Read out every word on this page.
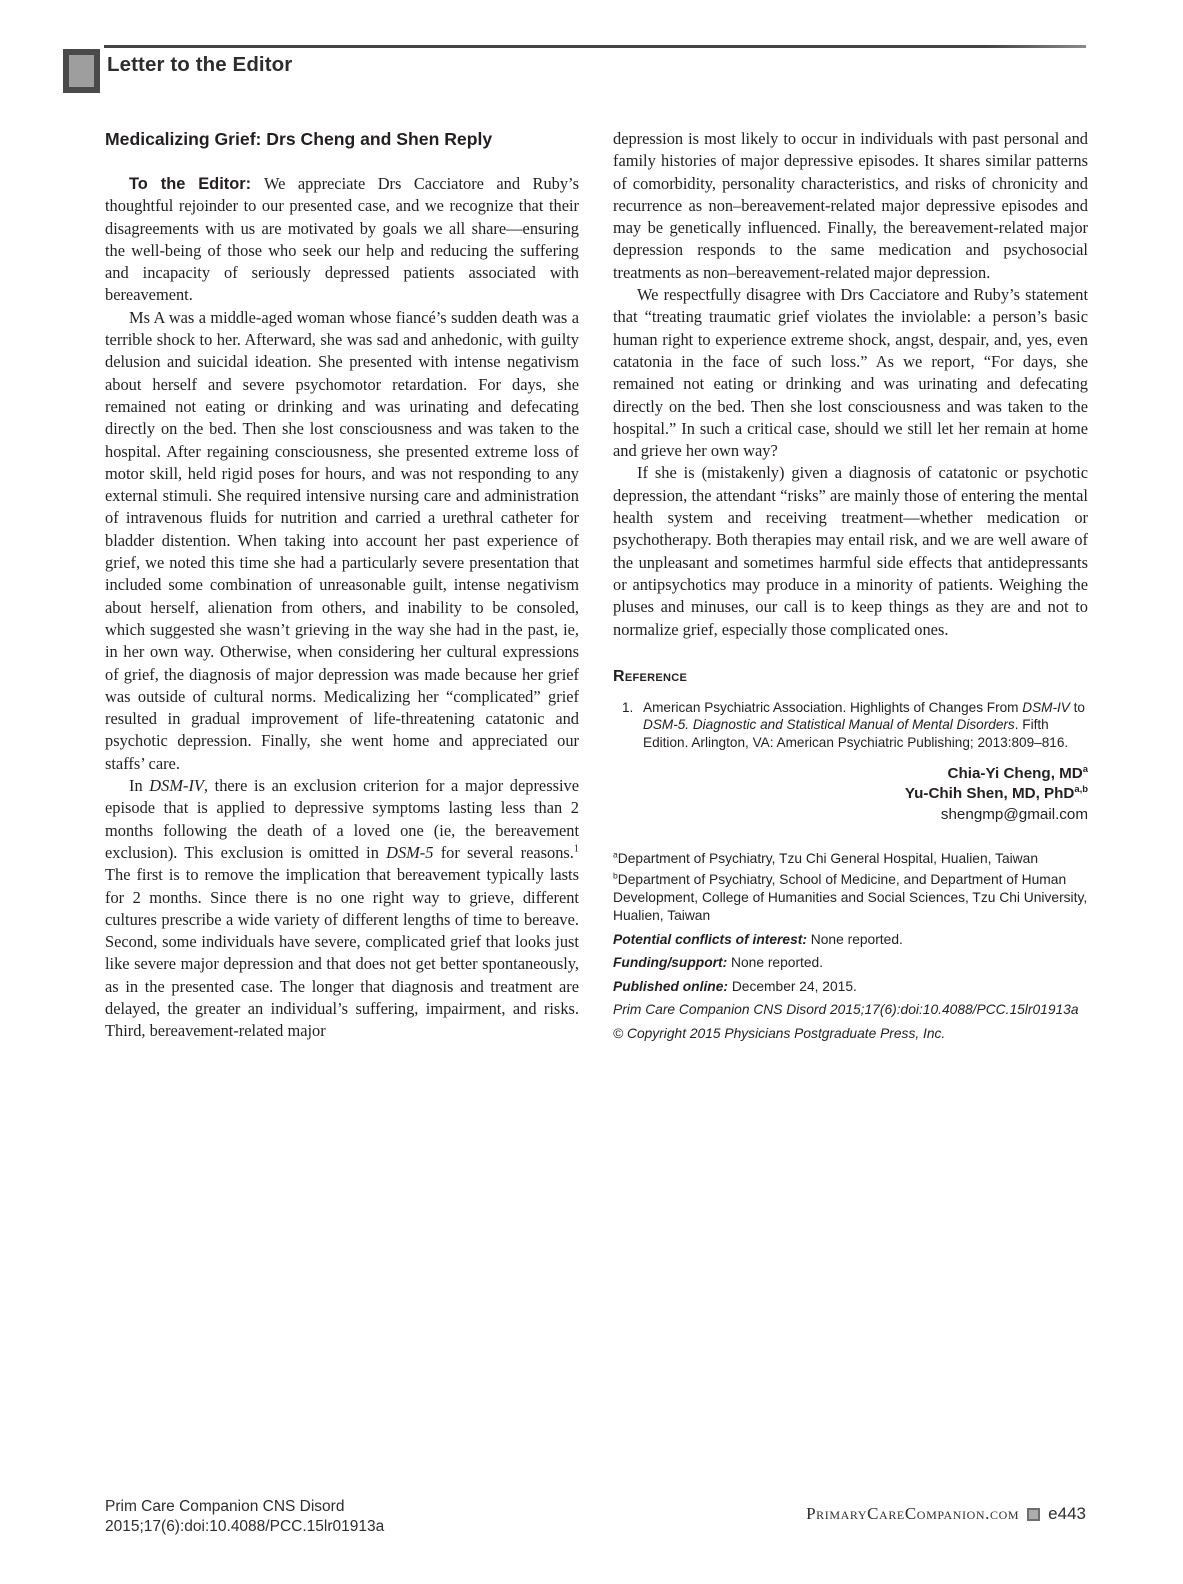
Letter to the Editor
Medicalizing Grief: Drs Cheng and Shen Reply

To the Editor: We appreciate Drs Cacciatore and Ruby’s thoughtful rejoinder to our presented case, and we recognize that their disagreements with us are motivated by goals we all share—ensuring the well-being of those who seek our help and reducing the suffering and incapacity of seriously depressed patients associated with bereavement.

Ms A was a middle-aged woman whose fiancé’s sudden death was a terrible shock to her. Afterward, she was sad and anhedonic, with guilty delusion and suicidal ideation. She presented with intense negativism about herself and severe psychomotor retardation. For days, she remained not eating or drinking and was urinating and defecating directly on the bed. Then she lost consciousness and was taken to the hospital. After regaining consciousness, she presented extreme loss of motor skill, held rigid poses for hours, and was not responding to any external stimuli. She required intensive nursing care and administration of intravenous fluids for nutrition and carried a urethral catheter for bladder distention. When taking into account her past experience of grief, we noted this time she had a particularly severe presentation that included some combination of unreasonable guilt, intense negativism about herself, alienation from others, and inability to be consoled, which suggested she wasn’t grieving in the way she had in the past, ie, in her own way. Otherwise, when considering her cultural expressions of grief, the diagnosis of major depression was made because her grief was outside of cultural norms. Medicalizing her “complicated” grief resulted in gradual improvement of life-threatening catatonic and psychotic depression. Finally, she went home and appreciated our staffs’ care.

In DSM-IV, there is an exclusion criterion for a major depressive episode that is applied to depressive symptoms lasting less than 2 months following the death of a loved one (ie, the bereavement exclusion). This exclusion is omitted in DSM-5 for several reasons.$^1$ The first is to remove the implication that bereavement typically lasts for 2 months. Since there is no one right way to grieve, different cultures prescribe a wide variety of different lengths of time to bereave. Second, some individuals have severe, complicated grief that looks just like severe major depression and that does not get better spontaneously, as in the presented case. The longer that diagnosis and treatment are delayed, the greater an individual’s suffering, impairment, and risks. Third, bereavement-related major

depression is most likely to occur in individuals with past personal and family histories of major depressive episodes. It shares similar patterns of comorbidity, personality characteristics, and risks of chronicity and recurrence as non–bereavement-related major depressive episodes and may be genetically influenced. Finally, the bereavement-related major depression responds to the same medication and psychosocial treatments as non–bereavement-related major depression.

We respectfully disagree with Drs Cacciatore and Ruby’s statement that “treating traumatic grief violates the inviolable: a person’s basic human right to experience extreme shock, angst, despair, and, yes, even catatonia in the face of such loss.” As we report, “For days, she remained not eating or drinking and was urinating and defecating directly on the bed. Then she lost consciousness and was taken to the hospital.” In such a critical case, should we still let her remain at home and grieve her own way?

If she is (mistakenly) given a diagnosis of catatonic or psychotic depression, the attendant “risks” are mainly those of entering the mental health system and receiving treatment—whether medication or psychotherapy. Both therapies may entail risk, and we are well aware of the unpleasant and sometimes harmful side effects that antidepressants or antipsychotics may produce in a minority of patients. Weighing the pluses and minuses, our call is to keep things as they are and not to normalize grief, especially those complicated ones.

Reference
1. American Psychiatric Association. Highlights of Changes From DSM-IV to DSM-5. Diagnostic and Statistical Manual of Mental Disorders. Fifth Edition. Arlington, VA: American Psychiatric Publishing; 2013:809–816.
Chia-Yi Cheng, $MD^a$
Yu-Chih Shen, MD, PhD$^{a,b}$
shengmp@gmail.com
$^a$Department of Psychiatry, Tzu Chi General Hospital, Hualien, Taiwan
$^b$Department of Psychiatry, School of Medicine, and Department of Human Development, College of Humanities and Social Sciences, Tzu Chi University, Hualien, Taiwan
Potential conflicts of interest: None reported.
Funding/support: None reported.
Published online: December 24, 2015.
Prim Care Companion CNS Disord 2015;17(6):doi:10.4088/PCC.15lr01913a
© Copyright 2015 Physicians Postgraduate Press, Inc.
Prim Care Companion CNS Disord
2015;17(6):doi:10.4088/PCC.15lr01913a
PrimaryCareCompanion.com e443
